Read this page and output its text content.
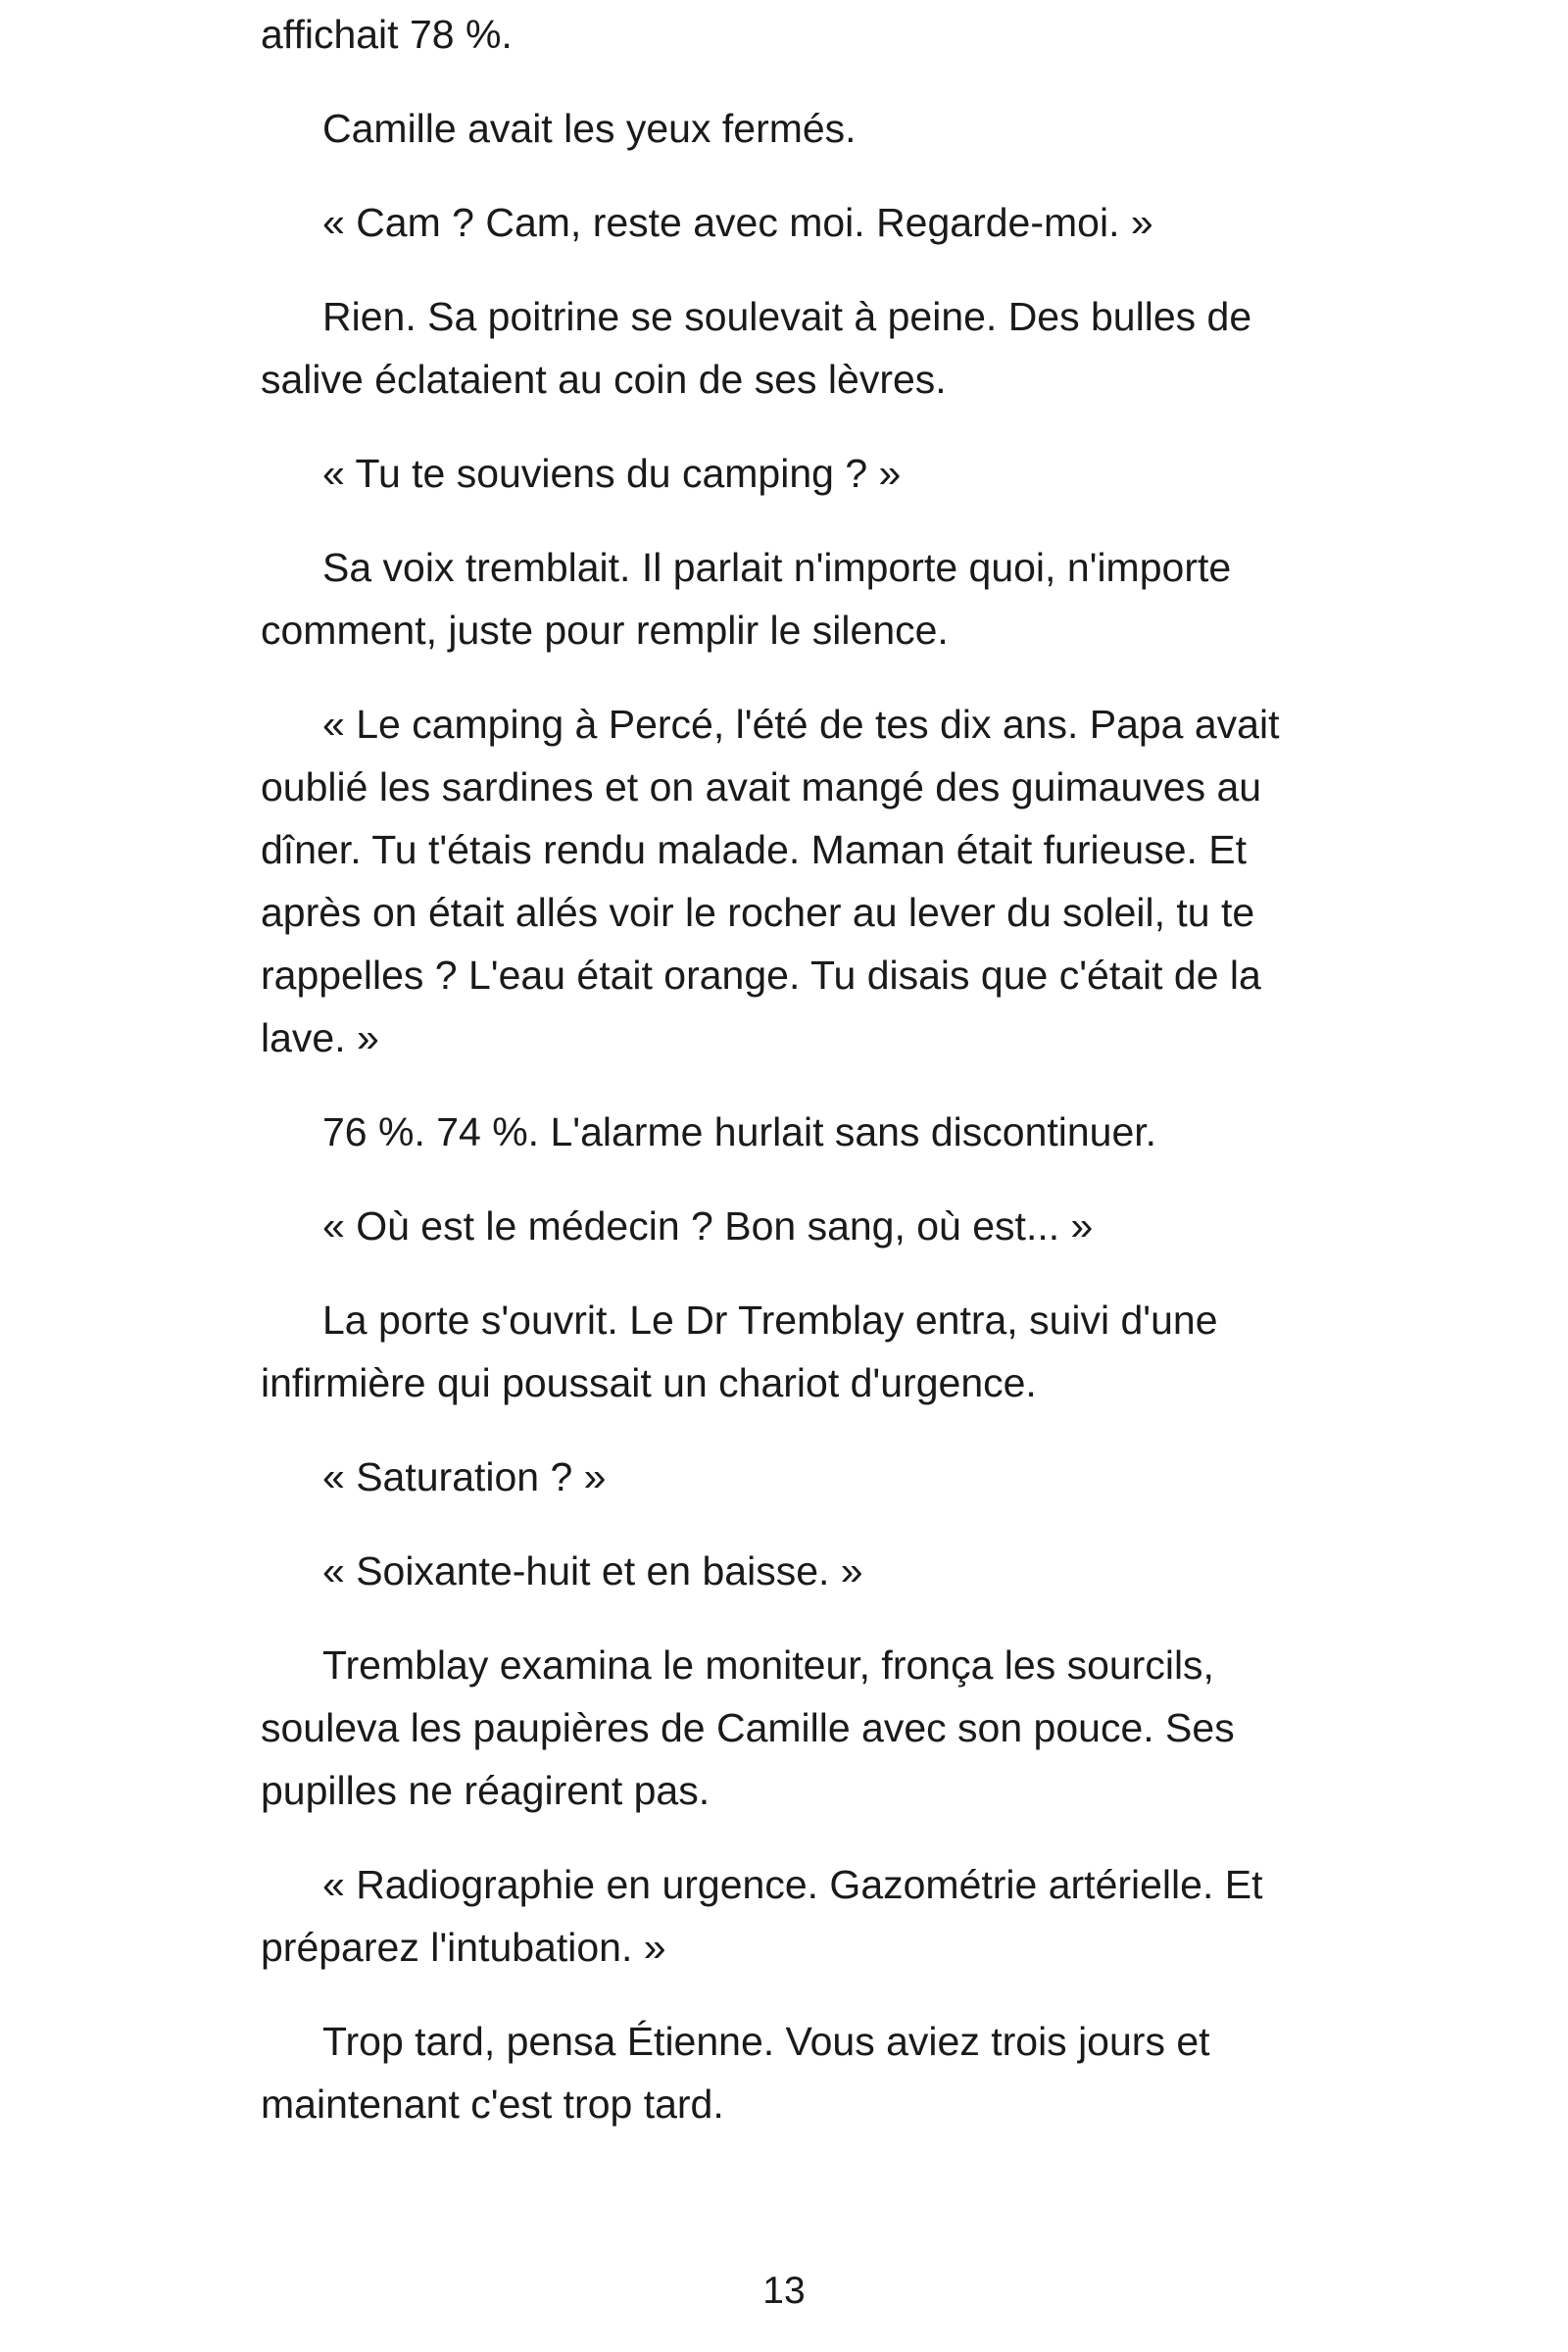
affichait 78 %.

Camille avait les yeux fermés.

« Cam ? Cam, reste avec moi. Regarde-moi. »

Rien. Sa poitrine se soulevait à peine. Des bulles de salive éclataient au coin de ses lèvres.

« Tu te souviens du camping ? »

Sa voix tremblait. Il parlait n'importe quoi, n'importe comment, juste pour remplir le silence.

« Le camping à Percé, l'été de tes dix ans. Papa avait oublié les sardines et on avait mangé des guimauves au dîner. Tu t'étais rendu malade. Maman était furieuse. Et après on était allés voir le rocher au lever du soleil, tu te rappelles ? L'eau était orange. Tu disais que c'était de la lave. »

76 %. 74 %. L'alarme hurlait sans discontinuer.

« Où est le médecin ? Bon sang, où est... »

La porte s'ouvrit. Le Dr Tremblay entra, suivi d'une infirmière qui poussait un chariot d'urgence.

« Saturation ? »

« Soixante-huit et en baisse. »

Tremblay examina le moniteur, fronça les sourcils, souleva les paupières de Camille avec son pouce. Ses pupilles ne réagirent pas.

« Radiographie en urgence. Gazométrie artérielle. Et préparez l'intubation. »

Trop tard, pensa Étienne. Vous aviez trois jours et maintenant c'est trop tard.

13
